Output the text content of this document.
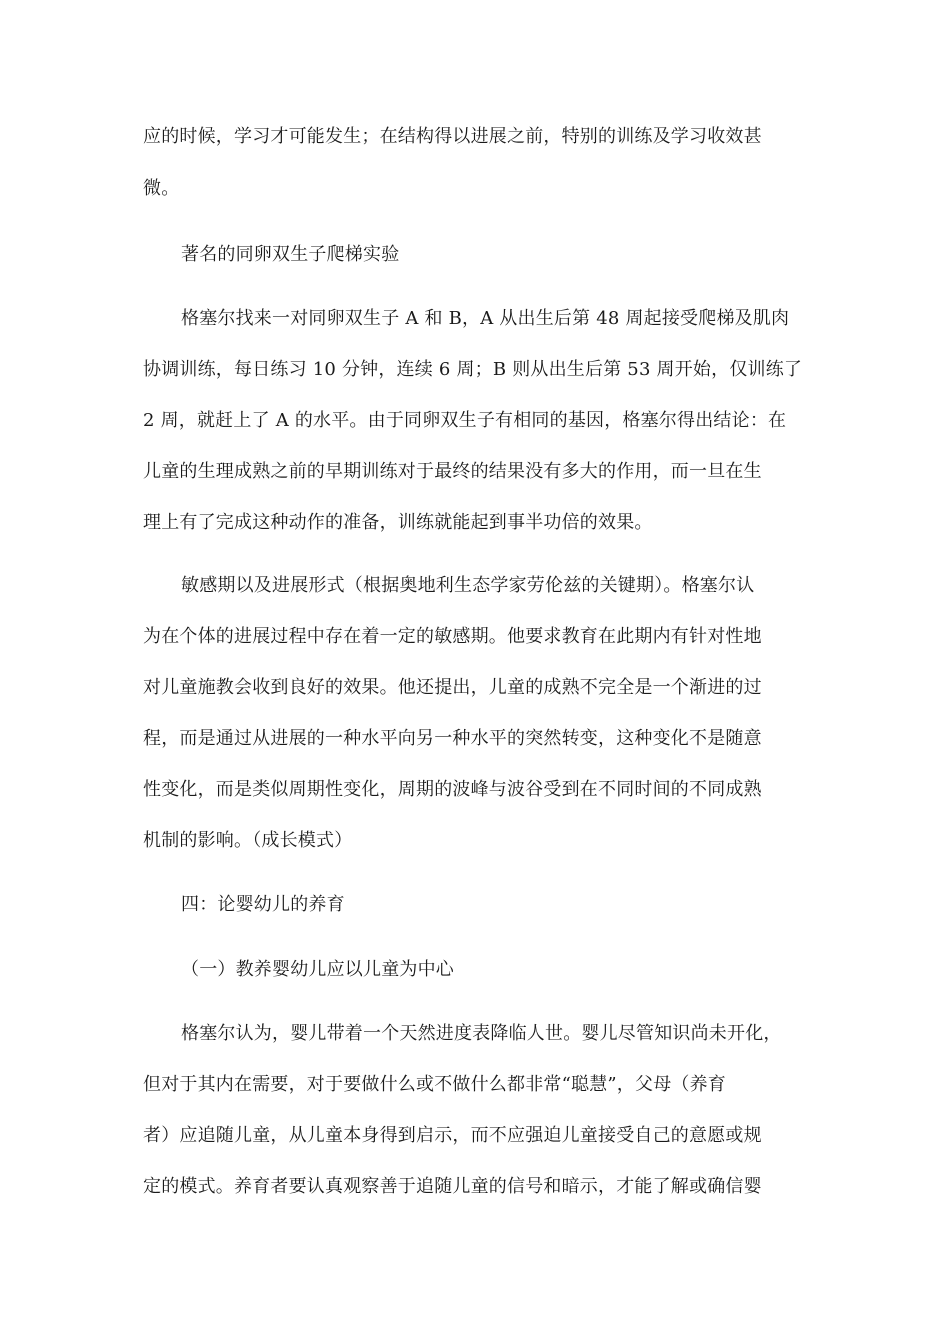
应的时候，学习才可能发生；在结构得以进展之前，特别的训练及学习收效甚
微。
著名的同卵双生子爬梯实验
格塞尔找来一对同卵双生子 A 和 B，A 从出生后第 48 周起接受爬梯及肌肉
协调训练，每日练习 10 分钟，连续 6 周；B 则从出生后第 53 周开始，仅训练了
2 周，就赶上了 A 的水平。由于同卵双生子有相同的基因，格塞尔得出结论：在
儿童的生理成熟之前的早期训练对于最终的结果没有多大的作用，而一旦在生
理上有了完成这种动作的准备，训练就能起到事半功倍的效果。
敏感期以及进展形式（根据奥地利生态学家劳伦兹的关键期）。格塞尔认
为在个体的进展过程中存在着一定的敏感期。他要求教育在此期内有针对性地
对儿童施教会收到良好的效果。他还提出，儿童的成熟不完全是一个渐进的过
程，而是通过从进展的一种水平向另一种水平的突然转变，这种变化不是随意
性变化，而是类似周期性变化，周期的波峰与波谷受到在不同时间的不同成熟
机制的影响。（成长模式）
四：论婴幼儿的养育
（一）教养婴幼儿应以儿童为中心
格塞尔认为，婴儿带着一个天然进度表降临人世。婴儿尽管知识尚未开化，
但对于其内在需要，对于要做什么或不做什么都非常“聪慧”，父母（养育
者）应追随儿童，从儿童本身得到启示，而不应强迫儿童接受自己的意愿或规
定的模式。养育者要认真观察善于追随儿童的信号和暗示，才能了解或确信婴
